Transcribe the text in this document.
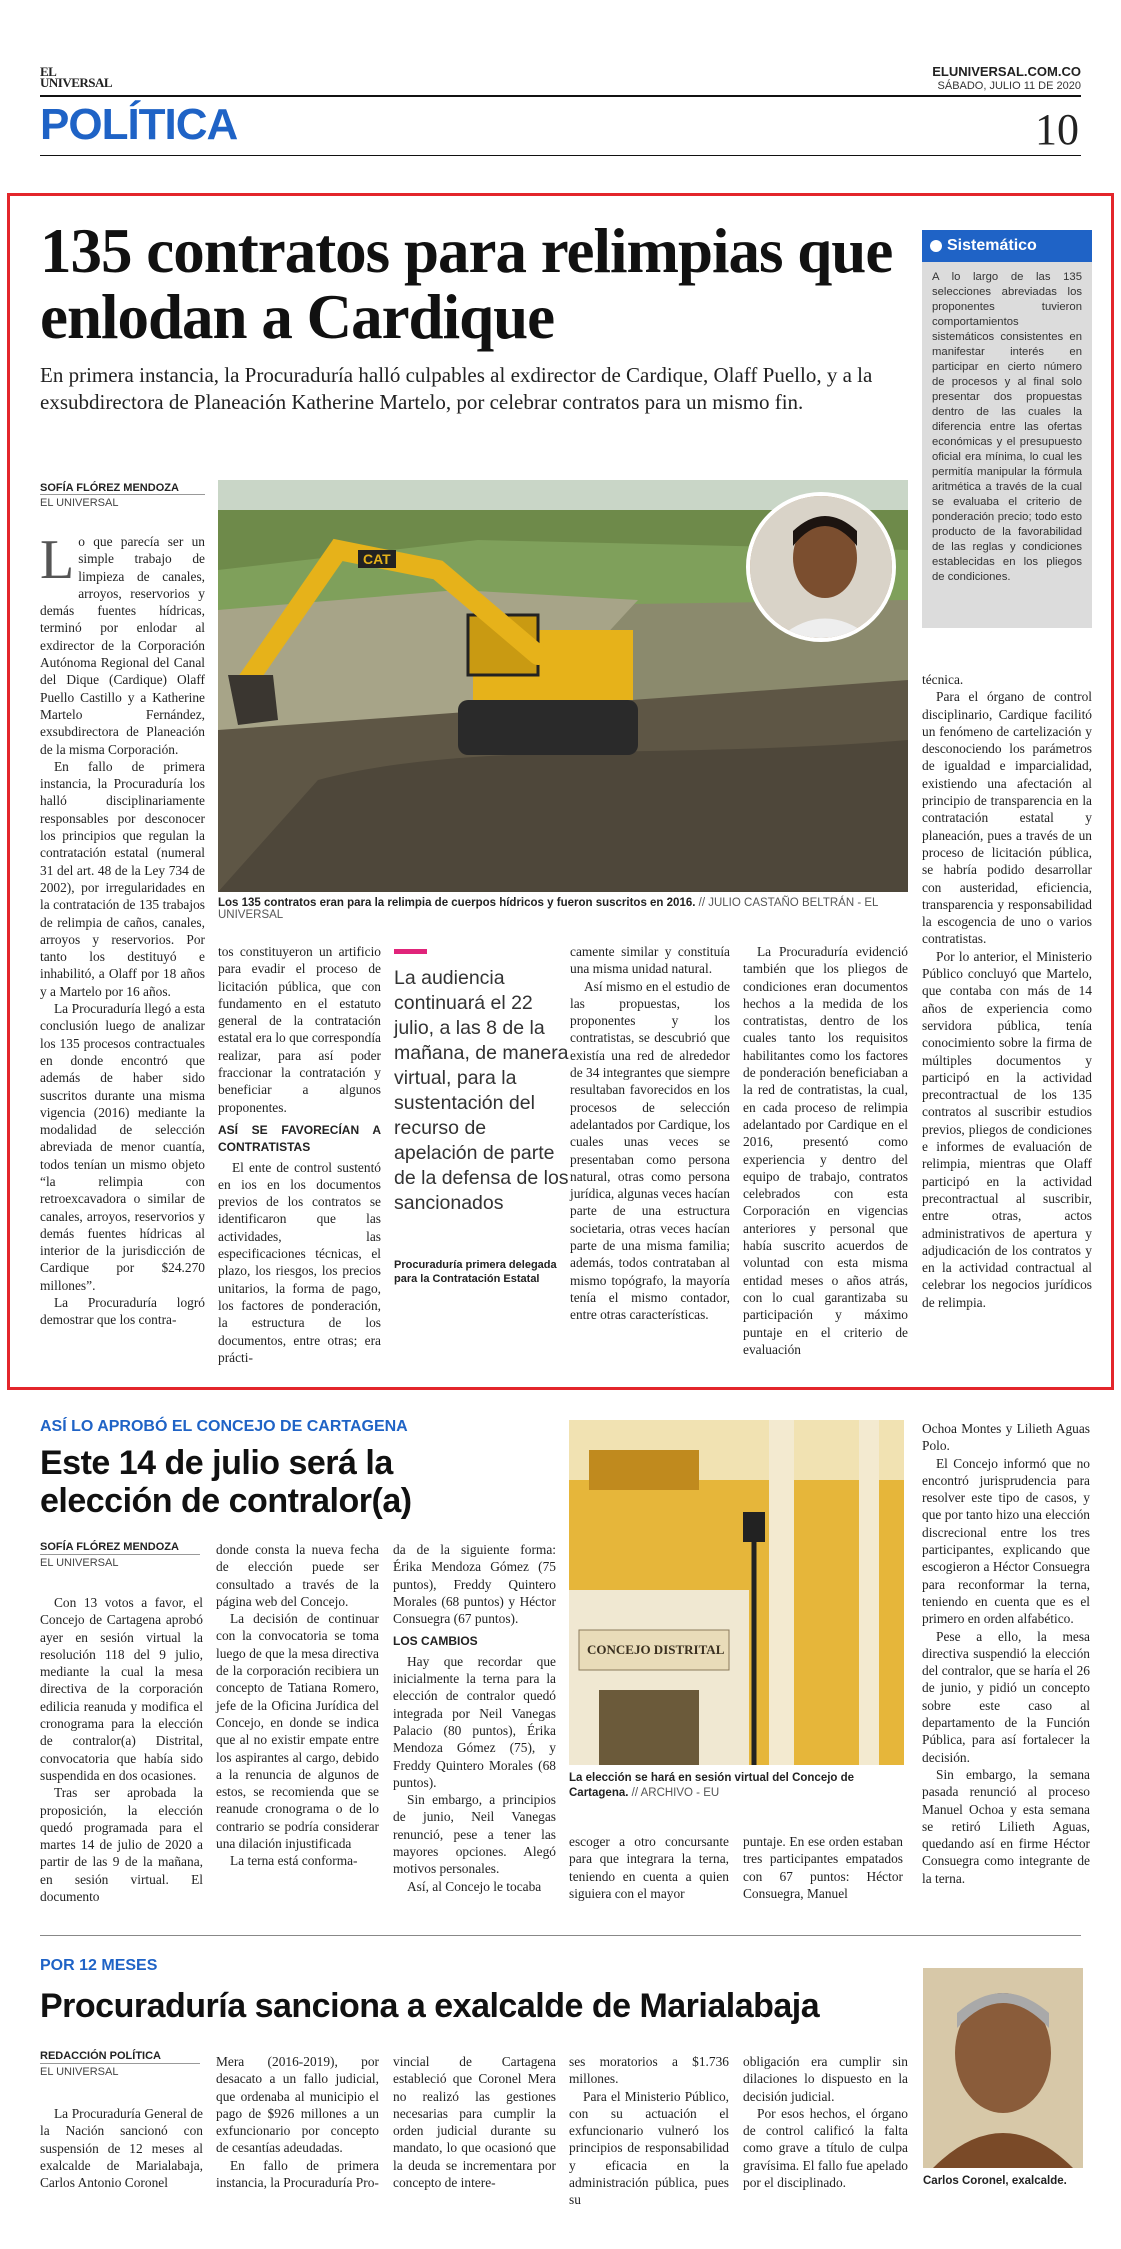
EL UNIVERSAL
ELUNIVERSAL.COM.CO
SÁBADO, JULIO 11 DE 2020
POLÍTICA	10
135 contratos para relimpias que enlodan a Cardique
En primera instancia, la Procuraduría halló culpables al exdirector de Cardique, Olaff Puello, y a la exsubdirectora de Planeación Katherine Martelo, por celebrar contratos para un mismo fin.
SOFÍA FLÓREZ MENDOZA
EL UNIVERSAL
L o que parecía ser un simple trabajo de limpieza de canales, arroyos, reservorios y demás fuentes hídricas, terminó por enlodar al exdirector de la Corporación Autónoma Regional del Canal del Dique (Cardique) Olaff Puello Castillo y a Katherine Martelo Fernández, exsubdirectora de Planeación de la misma Corporación.

En fallo de primera instancia, la Procuraduría los halló disciplinariamente responsables por desconocer los principios que regulan la contratación estatal (numeral 31 del art. 48 de la Ley 734 de 2002), por irregularidades en la contratación de 135 trabajos de relimpia de caños, canales, arroyos y reservorios. Por tanto los destituyó e inhabilitó, a Olaff por 18 años y a Martelo por 16 años.

La Procuraduría llegó a esta conclusión luego de analizar los 135 procesos contractuales en donde encontró que además de haber sido suscritos durante una misma vigencia (2016) mediante la modalidad de selección abreviada de menor cuantía, todos tenían un mismo objeto “la relimpia con retroexcavadora o similar de canales, arroyos, reservorios y demás fuentes hídricas al interior de la jurisdicción de Cardique por $24.270 millones”.

La Procuraduría logró demostrar que los contra-

CAT
Los 135 contratos eran para la relimpia de cuerpos hídricos y fueron suscritos en 2016. // JULIO CASTAÑO BELTRÁN - EL UNIVERSAL

tos constituyeron un artificio para evadir el proceso de licitación pública, que con fundamento en el estatuto general de la contratación estatal era lo que correspondía realizar, para así poder fraccionar la contratación y beneficiar a algunos proponentes.

ASÍ SE FAVORECÍAN A CONTRATISTAS

El ente de control sustentó en ios en los documentos previos de los contratos se identificaron que las actividades, las especificaciones técnicas, el plazo, los riesgos, los precios unitarios, la forma de pago, los factores de ponderación, la estructura de los documentos, entre otras; era prácti-

La audiencia continuará el 22 julio, a las 8 de la mañana, de manera virtual, para la sustentación del recurso de apelación de parte de la defensa de los sancionados
Procuraduría primera delegada para la Contratación Estatal

camente similar y constituía una misma unidad natural.

Así mismo en el estudio de las propuestas, los proponentes y los contratistas, se descubrió que existía una red de alrededor de 34 integrantes que siempre resultaban favorecidos en los procesos de selección adelantados por Cardique, los cuales unas veces se presentaban como persona natural, otras como persona jurídica, algunas veces hacían parte de una estructura societaria, otras veces hacían parte de una misma familia; además, todos contrataban al mismo topógrafo, la mayoría tenía el mismo contador, entre otras características.

La Procuraduría evidenció también que los pliegos de condiciones eran documentos hechos a la medida de los contratistas, dentro de los cuales tanto los requisitos habilitantes como los factores de ponderación beneficiaban a la red de contratistas, la cual, en cada proceso de relimpia adelantado por Cardique en el 2016, presentó como experiencia y dentro del equipo de trabajo, contratos celebrados con esta Corporación en vigencias anteriores y personal que había suscrito acuerdos de voluntad con esta misma entidad meses o años atrás, con lo cual garantizaba su participación y máximo puntaje en el criterio de evaluación

Sistemático
A lo largo de las 135 selecciones abreviadas los proponentes tuvieron comportamientos sistemáticos consistentes en manifestar interés en participar en cierto número de procesos y al final solo presentar dos propuestas dentro de las cuales la diferencia entre las ofertas económicas y el presupuesto oficial era mínima, lo cual les permitía manipular la fórmula aritmética a través de la cual se evaluaba el criterio de ponderación precio; todo esto producto de la favorabilidad de las reglas y condiciones establecidas en los pliegos de condiciones.

técnica.

Para el órgano de control disciplinario, Cardique facilitó un fenómeno de cartelización y desconociendo los parámetros de igualdad e imparcialidad, existiendo una afectación al principio de transparencia en la contratación estatal y planeación, pues a través de un proceso de licitación pública, se habría podido desarrollar con austeridad, eficiencia, transparencia y responsabilidad la escogencia de uno o varios contratistas.

Por lo anterior, el Ministerio Público concluyó que Martelo, que contaba con más de 14 años de experiencia como servidora pública, tenía conocimiento sobre la firma de múltiples documentos y participó en la actividad precontractual de los 135 contratos al suscribir estudios previos, pliegos de condiciones e informes de evaluación de relimpia, mientras que Olaff participó en la actividad precontractual al suscribir, entre otras, actos administrativos de apertura y adjudicación de los contratos y en la actividad contractual al celebrar los negocios jurídicos de relimpia.

ASÍ LO APROBÓ EL CONCEJO DE CARTAGENA
Este 14 de julio será la elección de contralor(a)
SOFÍA FLÓREZ MENDOZA
EL UNIVERSAL

Con 13 votos a favor, el Concejo de Cartagena aprobó ayer en sesión virtual la resolución 118 del 9 julio, mediante la cual la mesa directiva de la corporación edilicia reanuda y modifica el cronograma para la elección de contralor(a) Distrital, convocatoria que había sido suspendida en dos ocasiones.

Tras ser aprobada la proposición, la elección quedó programada para el martes 14 de julio de 2020 a partir de las 9 de la mañana, en sesión virtual. El documento

donde consta la nueva fecha de elección puede ser consultado a través de la página web del Concejo.

La decisión de continuar con la convocatoria se toma luego de que la mesa directiva de la corporación recibiera un concepto de Tatiana Romero, jefe de la Oficina Jurídica del Concejo, en donde se indica que al no existir empate entre los aspirantes al cargo, debido a la renuncia de algunos de estos, se recomienda que se reanude cronograma o de lo contrario se podría considerar una dilación injustificada

La terna está conforma-

da de la siguiente forma: Érika Mendoza Gómez (75 puntos), Freddy Quintero Morales (68 puntos) y Héctor Consuegra (67 puntos).

LOS CAMBIOS

Hay que recordar que inicialmente la terna para la elección de contralor quedó integrada por Neil Vanegas Palacio (80 puntos), Érika Mendoza Gómez (75), y Freddy Quintero Morales (68 puntos).

Sin embargo, a principios de junio, Neil Vanegas renunció, pese a tener las mayores opciones. Alegó motivos personales.

Así, al Concejo le tocaba

CONCEJO DISTRITAL
La elección se hará en sesión virtual del Concejo de Cartagena. // ARCHIVO - EU

escoger a otro concursante para que integrara la terna, teniendo en cuenta a quien siguiera con el mayor

puntaje. En ese orden estaban tres participantes empatados con 67 puntos: Héctor Consuegra, Manuel

Ochoa Montes y Lilieth Aguas Polo.

El Concejo informó que no encontró jurisprudencia para resolver este tipo de casos, y que por tanto hizo una elección discrecional entre los tres participantes, explicando que escogieron a Héctor Consuegra para reconformar la terna, teniendo en cuenta que es el primero en orden alfabético.

Pese a ello, la mesa directiva suspendió la elección del contralor, que se haría el 26 de junio, y pidió un concepto sobre este caso al departamento de la Función Pública, para así fortalecer la decisión.

Sin embargo, la semana pasada renunció al proceso Manuel Ochoa y esta semana se retiró Lilieth Aguas, quedando así en firme Héctor Consuegra como integrante de la terna.

POR 12 MESES
Procuraduría sanciona a exalcalde de Marialabaja
REDACCIÓN POLÍTICA
EL UNIVERSAL

La Procuraduría General de la Nación sancionó con suspensión de 12 meses al exalcalde de Marialabaja, Carlos Antonio Coronel

Mera (2016-2019), por desacato a un fallo judicial, que ordenaba al municipio el pago de $926 millones a un exfuncionario por concepto de cesantías adeudadas.

En fallo de primera instancia, la Procuraduría Pro-

vincial de Cartagena estableció que Coronel Mera no realizó las gestiones necesarias para cumplir la orden judicial durante su mandato, lo que ocasionó que la deuda se incrementara por concepto de intere-

ses moratorios a $1.736 millones.

Para el Ministerio Público, con su actuación el exfuncionario vulneró los principios de responsabilidad y eficacia en la administración pública, pues su

obligación era cumplir sin dilaciones lo dispuesto en la decisión judicial.

Por esos hechos, el órgano de control calificó la falta como grave a título de culpa gravísima. El fallo fue apelado por el disciplinado.	Carlos Coronel, exalcalde.
